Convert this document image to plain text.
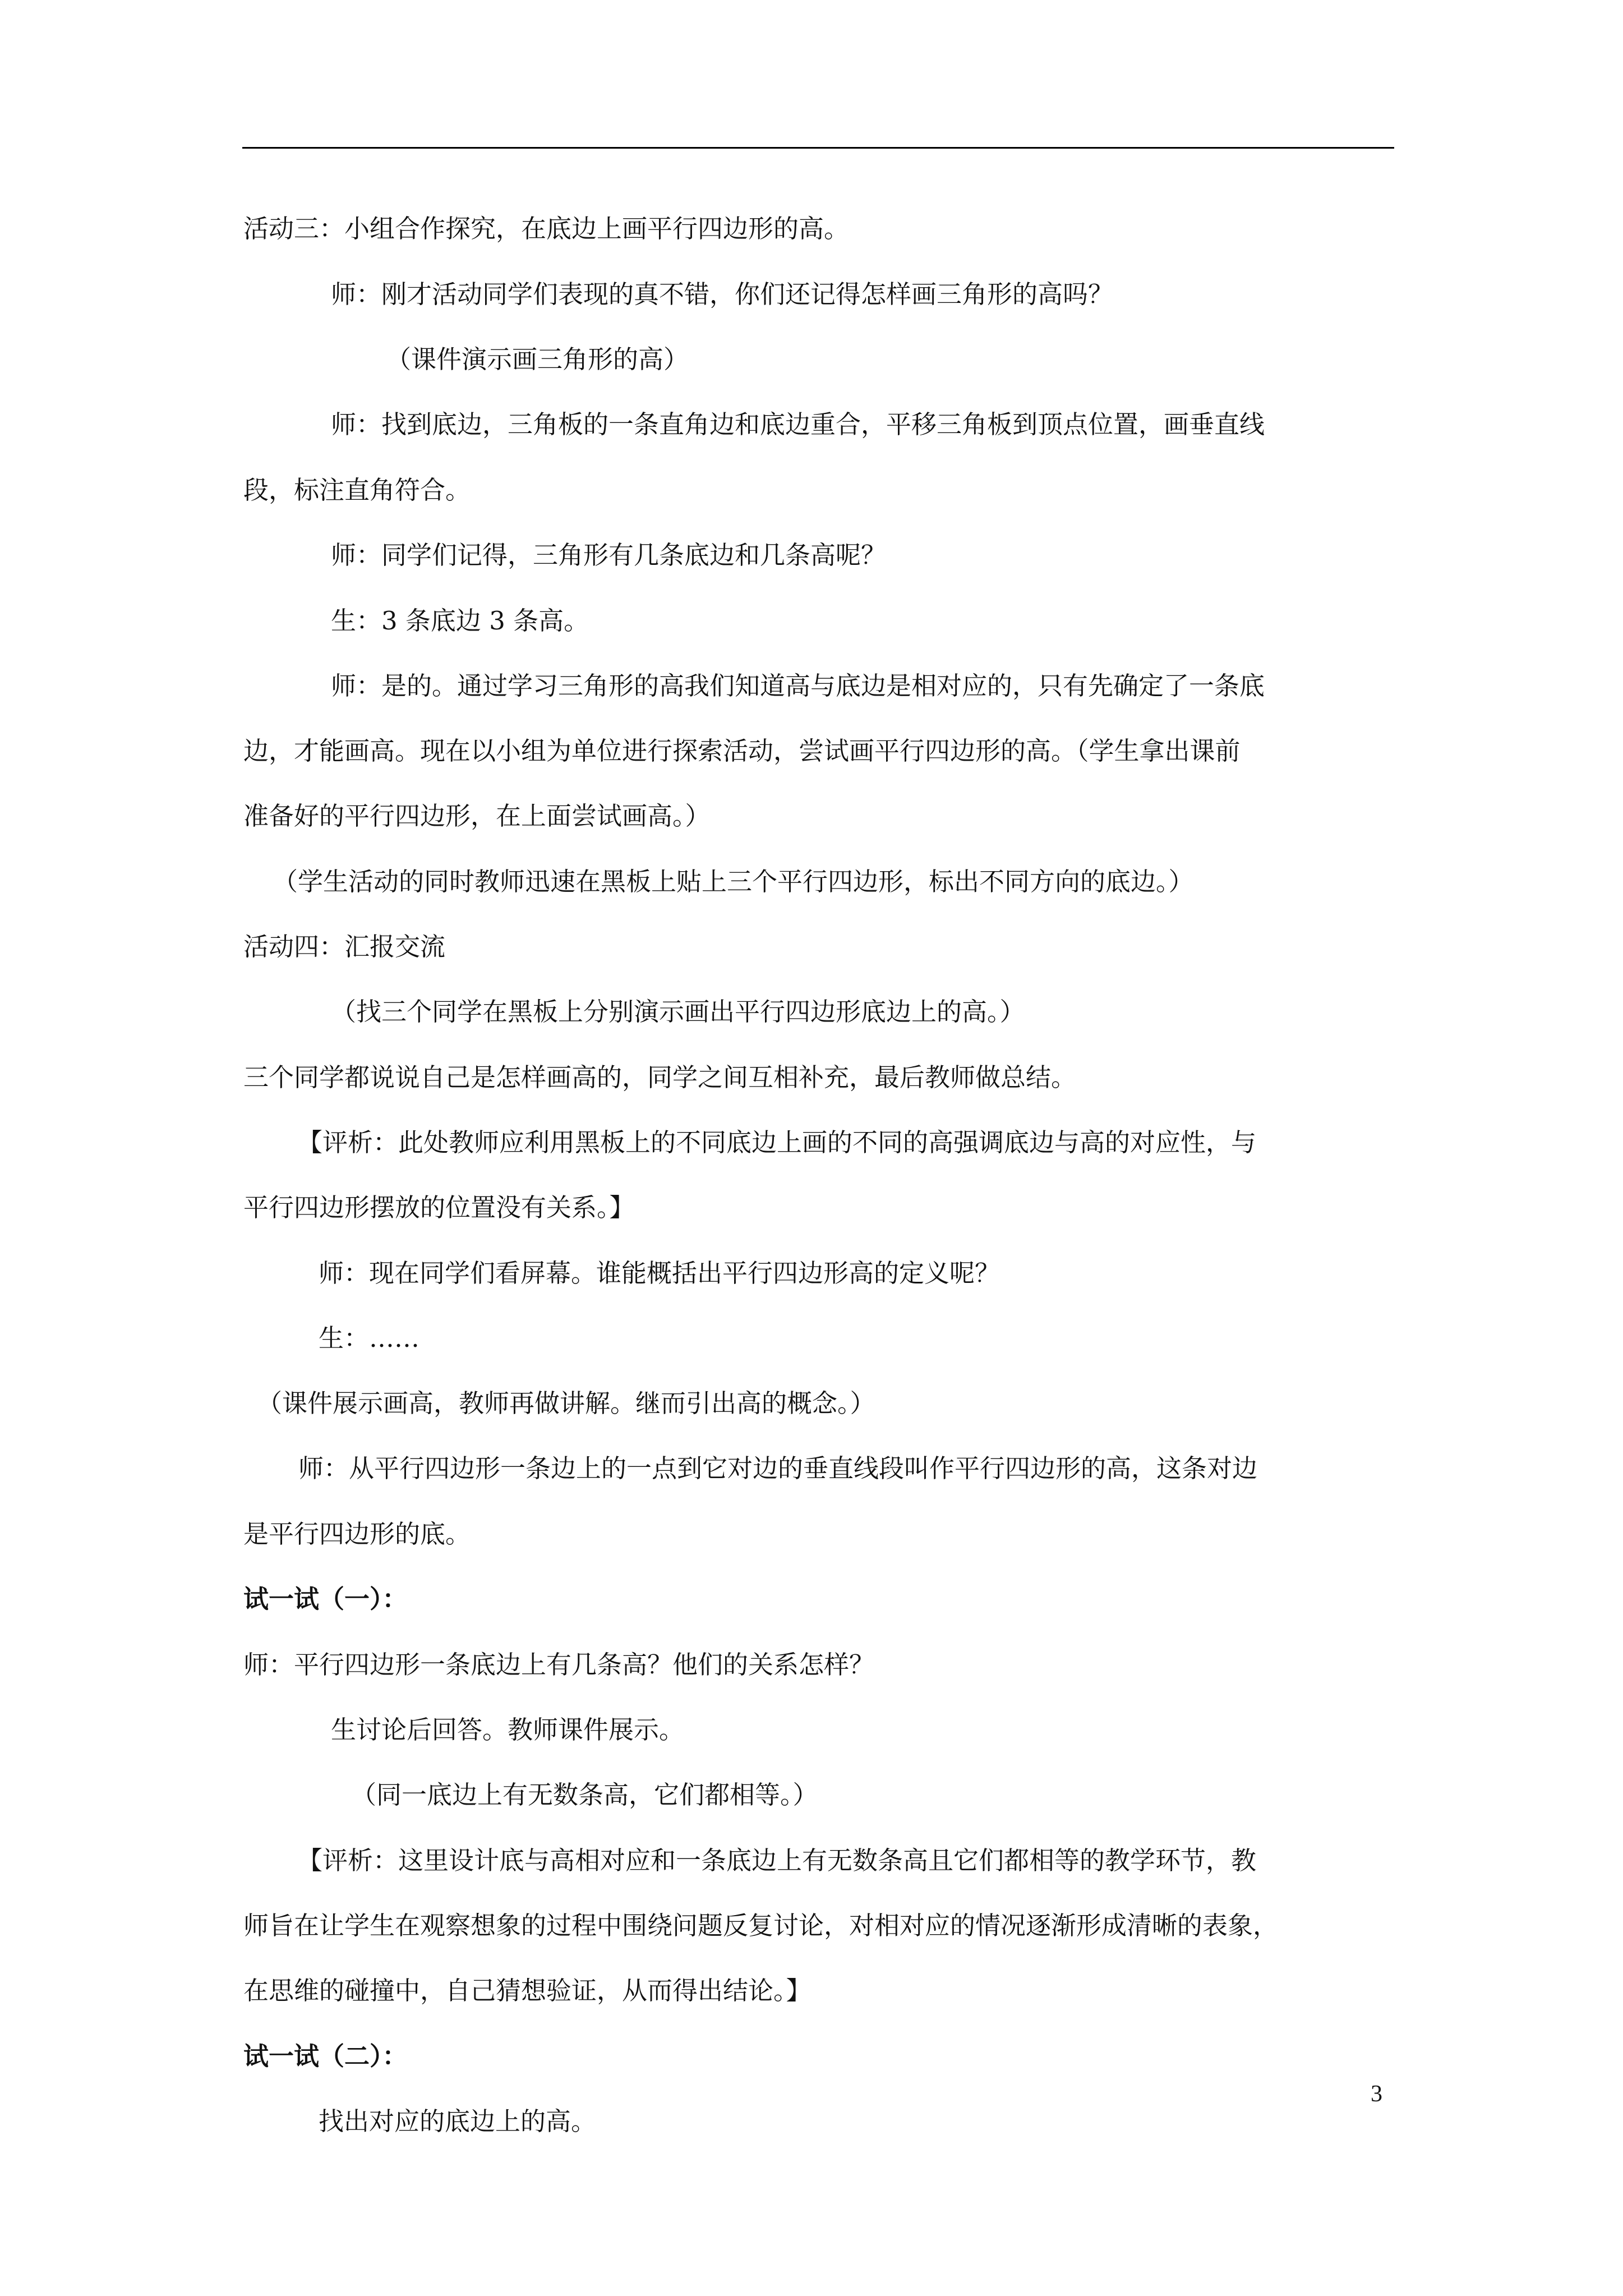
活动三：小组合作探究，在底边上画平行四边形的高。
师：刚才活动同学们表现的真不错，你们还记得怎样画三角形的高吗？
（课件演示画三角形的高）
师：找到底边，三角板的一条直角边和底边重合，平移三角板到顶点位置，画垂直线
段，标注直角符合。
师：同学们记得，三角形有几条底边和几条高呢？
生：3 条底边 3 条高。
师：是的。通过学习三角形的高我们知道高与底边是相对应的，只有先确定了一条底
边，才能画高。现在以小组为单位进行探索活动，尝试画平行四边形的高。（学生拿出课前
准备好的平行四边形，在上面尝试画高。）
（学生活动的同时教师迅速在黑板上贴上三个平行四边形，标出不同方向的底边。）
活动四：汇报交流
（找三个同学在黑板上分别演示画出平行四边形底边上的高。）
三个同学都说说自己是怎样画高的，同学之间互相补充，最后教师做总结。
【评析：此处教师应利用黑板上的不同底边上画的不同的高强调底边与高的对应性，与
平行四边形摆放的位置没有关系。】
师：现在同学们看屏幕。谁能概括出平行四边形高的定义呢？
生：……
（课件展示画高，教师再做讲解。继而引出高的概念。）
师：从平行四边形一条边上的一点到它对边的垂直线段叫作平行四边形的高，这条对边
是平行四边形的底。
试一试（一）：
师：平行四边形一条底边上有几条高？他们的关系怎样？
生讨论后回答。教师课件展示。
（同一底边上有无数条高，它们都相等。）
【评析：这里设计底与高相对应和一条底边上有无数条高且它们都相等的教学环节，教
师旨在让学生在观察想象的过程中围绕问题反复讨论，对相对应的情况逐渐形成清晰的表象，
在思维的碰撞中，自己猜想验证，从而得出结论。】
试一试（二）：
找出对应的底边上的高。
3
